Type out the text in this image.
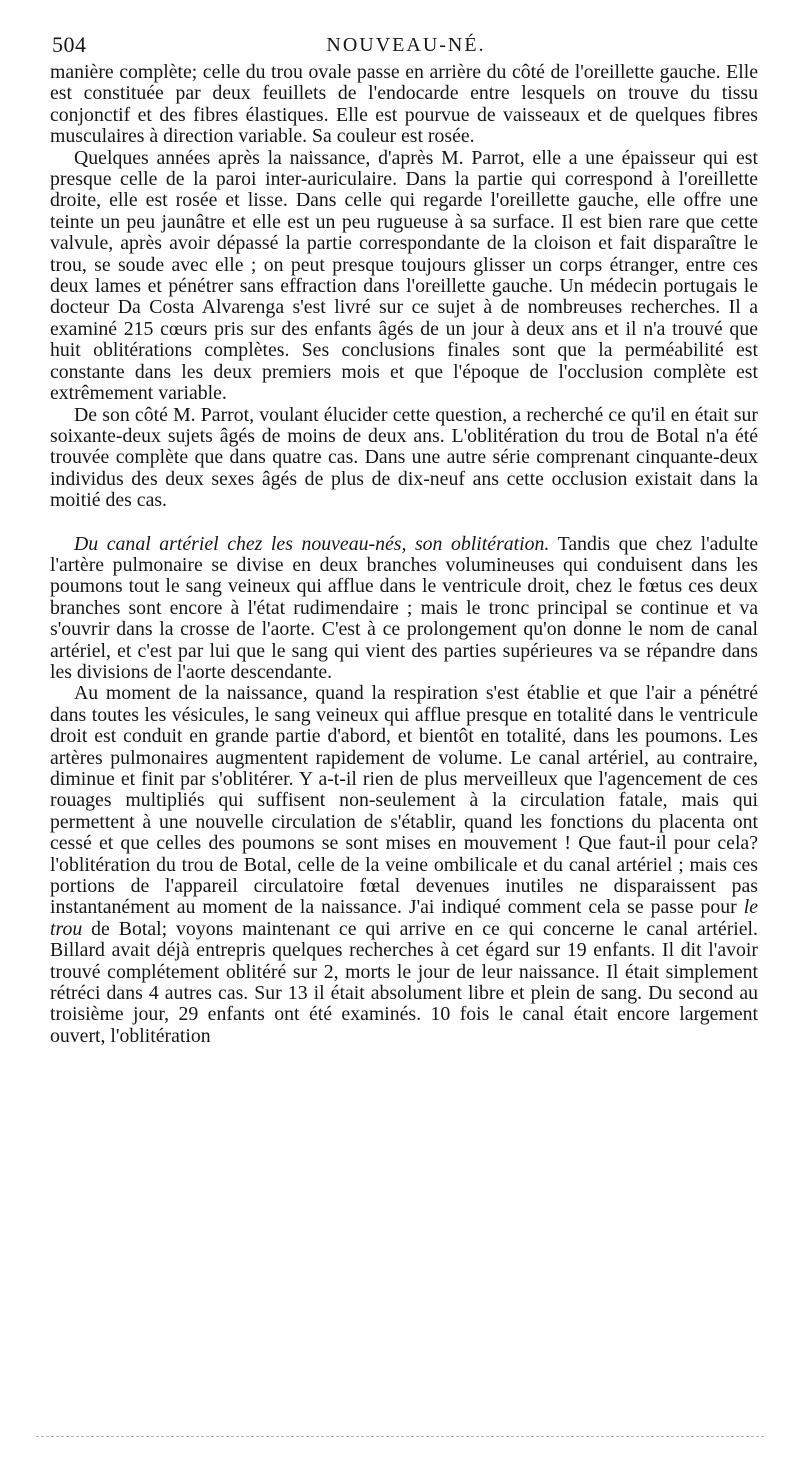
504	NOUVEAU-NÉ.

manière complète; celle du trou ovale passe en arrière du côté de l'oreillette gauche. Elle est constituée par deux feuillets de l'endocarde entre lesquels on trouve du tissu conjonctif et des fibres élastiques. Elle est pourvue de vaisseaux et de quelques fibres musculaires à direction variable. Sa couleur est rosée.

Quelques années après la naissance, d'après M. Parrot, elle a une épaisseur qui est presque celle de la paroi inter-auriculaire. Dans la partie qui correspond à l'oreillette droite, elle est rosée et lisse. Dans celle qui regarde l'oreillette gauche, elle offre une teinte un peu jaunâtre et elle est un peu rugueuse à sa surface. Il est bien rare que cette valvule, après avoir dépassé la partie correspondante de la cloison et fait disparaître le trou, se soude avec elle ; on peut presque toujours glisser un corps étranger, entre ces deux lames et pénétrer sans effraction dans l'oreillette gauche. Un médecin portugais le docteur Da Costa Alvarenga s'est livré sur ce sujet à de nombreuses recherches. Il a examiné 215 cœurs pris sur des enfants âgés de un jour à deux ans et il n'a trouvé que huit oblitérations complètes. Ses conclusions finales sont que la perméabilité est constante dans les deux premiers mois et que l'époque de l'occlusion complète est extrêmement variable.

De son côté M. Parrot, voulant élucider cette question, a recherché ce qu'il en était sur soixante-deux sujets âgés de moins de deux ans. L'oblitération du trou de Botal n'a été trouvée complète que dans quatre cas. Dans une autre série comprenant cinquante-deux individus des deux sexes âgés de plus de dix-neuf ans cette occlusion existait dans la moitié des cas.

Du canal artériel chez les nouveau-nés, son oblitération. Tandis que chez l'adulte l'artère pulmonaire se divise en deux branches volumineuses qui conduisent dans les poumons tout le sang veineux qui afflue dans le ventricule droit, chez le fœtus ces deux branches sont encore à l'état rudimendaire ; mais le tronc principal se continue et va s'ouvrir dans la crosse de l'aorte. C'est à ce prolongement qu'on donne le nom de canal artériel, et c'est par lui que le sang qui vient des parties supérieures va se répandre dans les divisions de l'aorte descendante.

Au moment de la naissance, quand la respiration s'est établie et que l'air a pénétré dans toutes les vésicules, le sang veineux qui afflue presque en totalité dans le ventricule droit est conduit en grande partie d'abord, et bientôt en totalité, dans les poumons. Les artères pulmonaires augmentent rapidement de volume. Le canal artériel, au contraire, diminue et finit par s'oblitérer. Y a-t-il rien de plus merveilleux que l'agencement de ces rouages multipliés qui suffisent non-seulement à la circulation fatale, mais qui permettent à une nouvelle circulation de s'établir, quand les fonctions du placenta ont cessé et que celles des poumons se sont mises en mouvement ! Que faut-il pour cela? l'oblitération du trou de Botal, celle de la veine ombilicale et du canal artériel ; mais ces portions de l'appareil circulatoire fœtal devenues inutiles ne disparaissent pas instantanément au moment de la naissance. J'ai indiqué comment cela se passe pour le trou de Botal; voyons maintenant ce qui arrive en ce qui concerne le canal artériel. Billard avait déjà entrepris quelques recherches à cet égard sur 19 enfants. Il dit l'avoir trouvé complétement oblitéré sur 2, morts le jour de leur naissance. Il était simplement rétréci dans 4 autres cas. Sur 13 il était absolument libre et plein de sang. Du second au troisième jour, 29 enfants ont été examinés. 10 fois le canal était encore largement ouvert, l'oblitération
